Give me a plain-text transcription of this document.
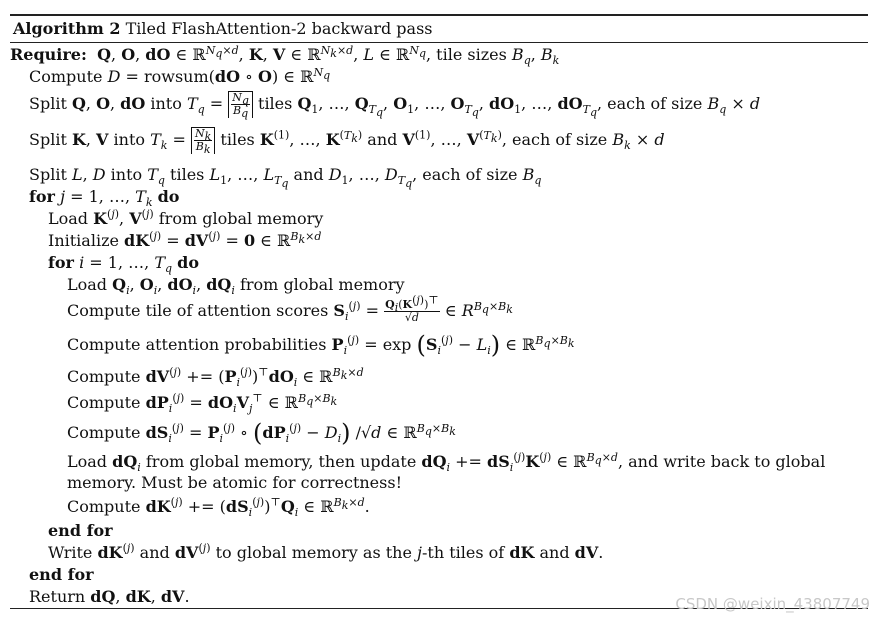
Algorithm 2 Tiled FlashAttention-2 backward pass
Require: Q, O, dO ∈ ℝ$^{N_q\times d}$, K, V ∈ ℝ$^{N_k\times d}$, L ∈ ℝ$^{N_q}$, tile sizes $B_q$, $B_k$
Compute D = rowsum(dO ∘ O) ∈ ℝ$^{N_q}$
Split Q, O, dO into $T_q = \frac{N_q}{B_q}$ tiles $Q_1$, …, $Q_{T_q}$, $O_1$, …, $O_{T_q}$, $dO_1$, …, $dO_{T_q}$, each of size $B_q \times d$
Split K, V into $T_k = \frac{N_k}{B_k}$ tiles $K^{(1)}$, …, $K^{(T_k)}$ and $V^{(1)}$, …, $V^{(T_k)}$, each of size $B_k \times d$
Split L, D into $T_q$ tiles $L_1$, …, $L_{T_q}$ and $D_1$, …, $D_{T_q}$, each of size $B_q$
for j = 1, …, $T_k$ do
Load $K^{(j)}$, $V^{(j)}$ from global memory
Initialize $dK^{(j)} = dV^{(j)} = 0$ ∈ ℝ$^{B_k\times d}$
for i = 1, …, $T_q$ do
Load $Q_i$, $O_i$, $dO_i$, $dQ_i$ from global memory
Compute tile of attention scores $S_i^{(j)} = \frac{Q_i(K^{(j)})^⊤}{√d}$ ∈ $R^{B_q\times B_k}$
Compute attention probabilities $P_i^{(j)} = \exp (S_i^{(j)} - L_i)$ ∈ ℝ$^{B_q\times B_k}$
Compute $dV^{(j)} += (P_i^{(j)})^⊤dO_i$ ∈ ℝ$^{B_k\times d}$
Compute $dP_i^{(j)} = dO_iV_j^⊤$ ∈ ℝ$^{B_q\times B_k}$
Compute $dS_i^{(j)} = P_i^{(j)}$ ∘ $(dP_i^{(j)} - D_i)$ /√d ∈ ℝ$^{B_q\times B_k}$
Load $dQ_i$ from global memory, then update $dQ_i += dS_i^{(j)}K^{(j)}$ ∈ ℝ$^{B_q\times d}$, and write back to global memory. Must be atomic for correctness!
Compute $dK^{(j)} += (dS_i^{(j)})^⊤Q_i$ ∈ ℝ$^{B_k\times d}$.
end for
Write $dK^{(j)}$ and $dV^{(j)}$ to global memory as the j-th tiles of dK and dV.
end for
Return dQ, dK, dV.	CSDN @weixin_43807749
